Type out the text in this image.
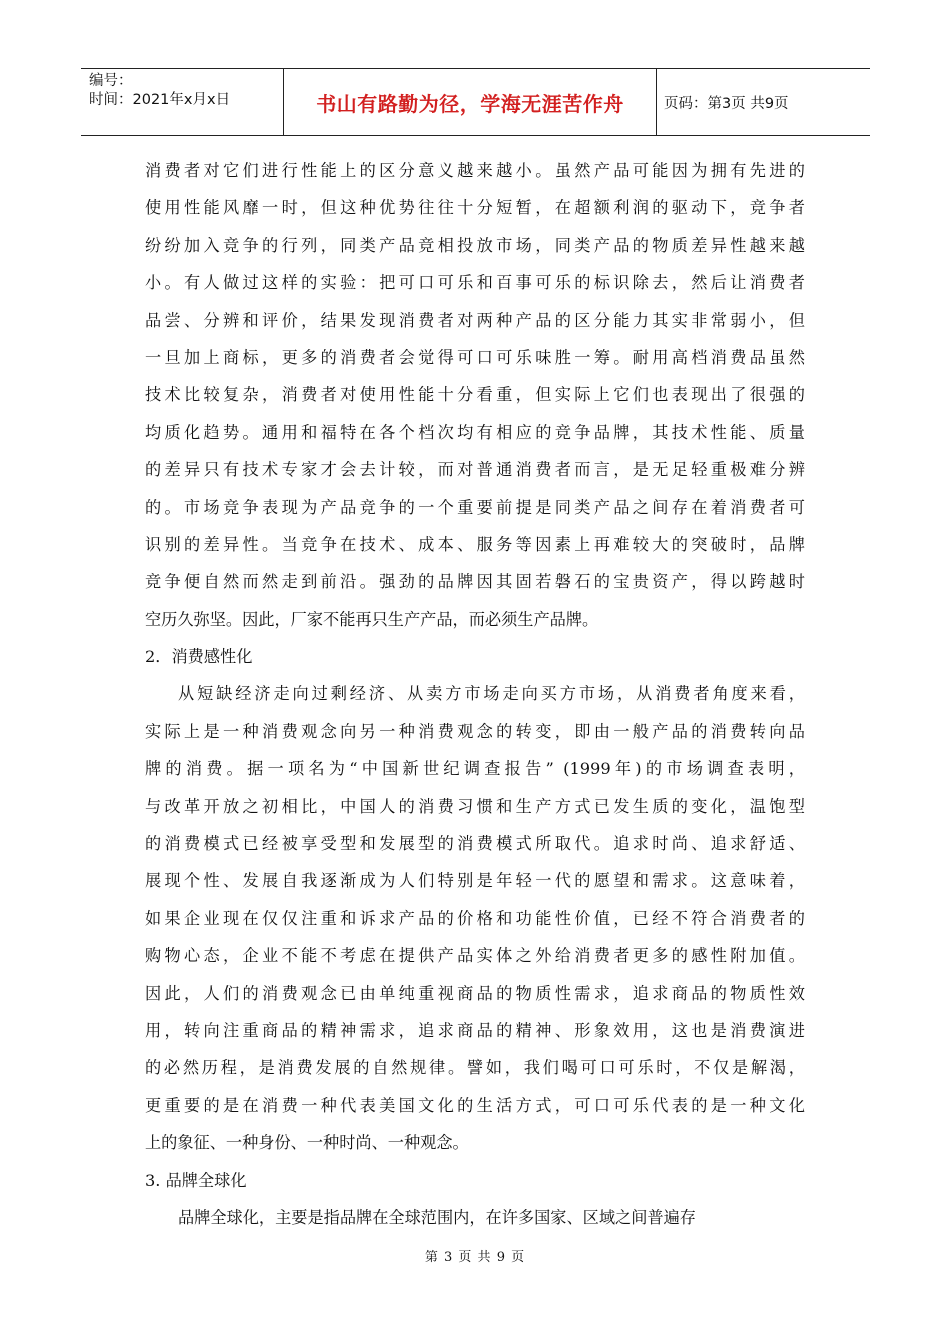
编号：
时间：2021年x月x日	书山有路勤为径，学海无涯苦作舟	页码：第3页 共9页
消费者对它们进行性能上的区分意义越来越小。虽然产品可能因为拥有先进的
使用性能风靡一时，但这种优势往往十分短暂，在超额利润的驱动下，竞争者
纷纷加入竞争的行列，同类产品竞相投放市场，同类产品的物质差异性越来越
小。有人做过这样的实验：把可口可乐和百事可乐的标识除去，然后让消费者
品尝、分辨和评价，结果发现消费者对两种产品的区分能力其实非常弱小，但
一旦加上商标，更多的消费者会觉得可口可乐味胜一筹。耐用高档消费品虽然
技术比较复杂，消费者对使用性能十分看重，但实际上它们也表现出了很强的
均质化趋势。通用和福特在各个档次均有相应的竞争品牌，其技术性能、质量
的差异只有技术专家才会去计较，而对普通消费者而言，是无足轻重极难分辨
的。市场竞争表现为产品竞争的一个重要前提是同类产品之间存在着消费者可
识别的差异性。当竞争在技术、成本、服务等因素上再难较大的突破时，品牌
竞争便自然而然走到前沿。强劲的品牌因其固若磐石的宝贵资产，得以跨越时
空历久弥坚。因此，厂家不能再只生产产品，而必须生产品牌。
2．消费感性化
从短缺经济走向过剩经济、从卖方市场走向买方市场，从消费者角度来看，
实际上是一种消费观念向另一种消费观念的转变，即由一般产品的消费转向品
牌的消费。据一项名为“中国新世纪调查报告” (1999年)的市场调查表明，
与改革开放之初相比，中国人的消费习惯和生产方式已发生质的变化，温饱型
的消费模式已经被享受型和发展型的消费模式所取代。追求时尚、追求舒适、
展现个性、发展自我逐渐成为人们特别是年轻一代的愿望和需求。这意味着，
如果企业现在仅仅注重和诉求产品的价格和功能性价值，已经不符合消费者的
购物心态，企业不能不考虑在提供产品实体之外给消费者更多的感性附加值。
因此，人们的消费观念已由单纯重视商品的物质性需求，追求商品的物质性效
用，转向注重商品的精神需求，追求商品的精神、形象效用，这也是消费演进
的必然历程，是消费发展的自然规律。譬如，我们喝可口可乐时，不仅是解渴，
更重要的是在消费一种代表美国文化的生活方式，可口可乐代表的是一种文化
上的象征、一种身份、一种时尚、一种观念。
3. 品牌全球化
品牌全球化，主要是指品牌在全球范围内，在许多国家、区域之间普遍存
第 3 页 共 9 页
